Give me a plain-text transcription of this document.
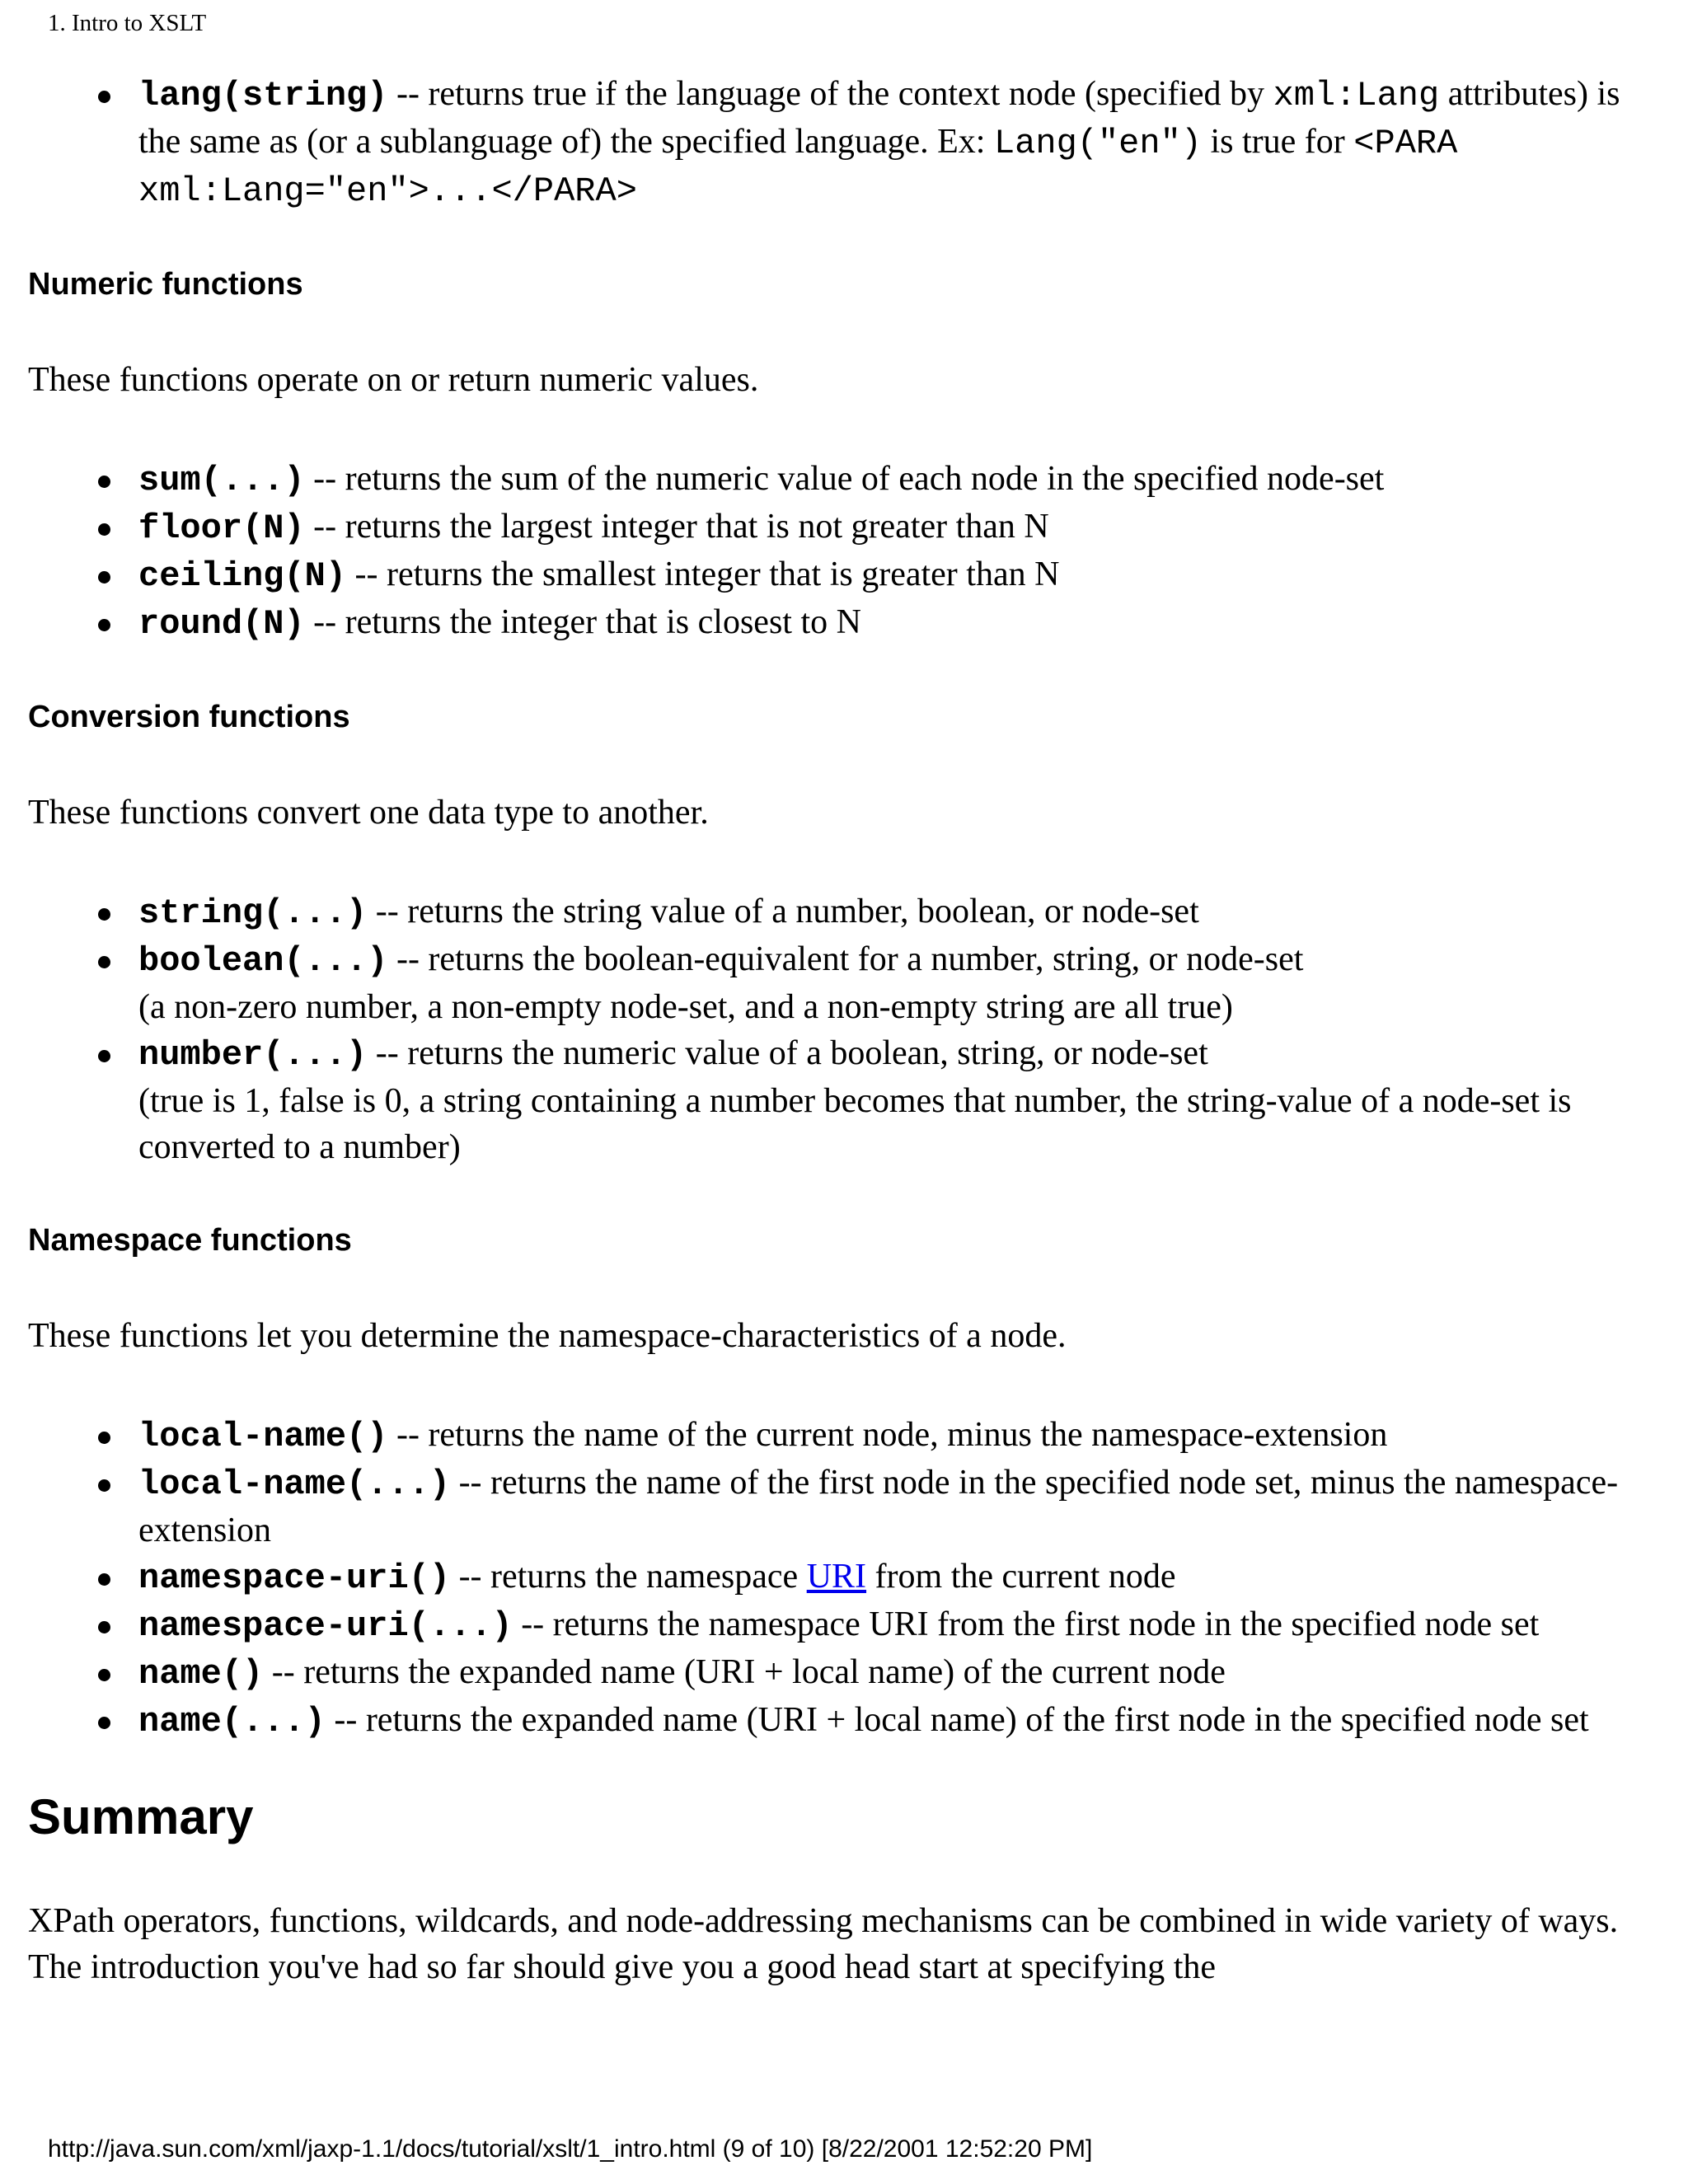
1. Intro to XSLT
lang(string) -- returns true if the language of the context node (specified by xml:Lang attributes) is the same as (or a sublanguage of) the specified language. Ex: Lang("en") is true for <PARA xml:Lang="en">...</PARA>
Numeric functions

These functions operate on or return numeric values.

sum(...) -- returns the sum of the numeric value of each node in the specified node-set
floor(N) -- returns the largest integer that is not greater than N
ceiling(N) -- returns the smallest integer that is greater than N
round(N) -- returns the integer that is closest to N
Conversion functions

These functions convert one data type to another.

string(...) -- returns the string value of a number, boolean, or node-set
boolean(...) -- returns the boolean-equivalent for a number, string, or node-set
(a non-zero number, a non-empty node-set, and a non-empty string are all true)
number(...) -- returns the numeric value of a boolean, string, or node-set
(true is 1, false is 0, a string containing a number becomes that number, the string-value of a node-set is converted to a number)
Namespace functions

These functions let you determine the namespace-characteristics of a node.

local-name() -- returns the name of the current node, minus the namespace-extension
local-name(...) -- returns the name of the first node in the specified node set, minus the namespace-extension
namespace-uri() -- returns the namespace URI from the current node
namespace-uri(...) -- returns the namespace URI from the first node in the specified node set
name() -- returns the expanded name (URI + local name) of the current node
name(...) -- returns the expanded name (URI + local name) of the first node in the specified node set
Summary

XPath operators, functions, wildcards, and node-addressing mechanisms can be combined in wide variety of ways. The introduction you've had so far should give you a good head start at specifying the

http://java.sun.com/xml/jaxp-1.1/docs/tutorial/xslt/1_intro.html (9 of 10) [8/22/2001 12:52:20 PM]
